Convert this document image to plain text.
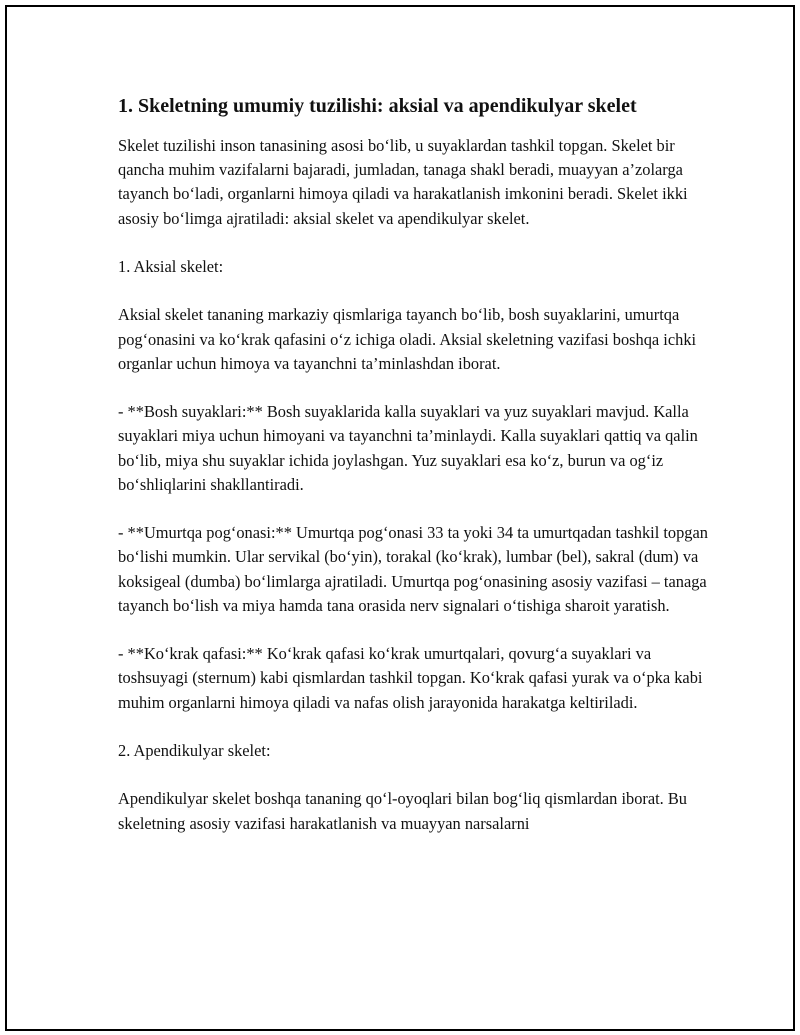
1. Skeletning umumiy tuzilishi: aksial va apendikulyar skelet

Skelet tuzilishi inson tanasining asosi bo‘lib, u suyaklardan tashkil topgan. Skelet bir qancha muhim vazifalarni bajaradi, jumladan, tanaga shakl beradi, muayyan a’zolarga tayanch bo‘ladi, organlarni himoya qiladi va harakatlanish imkonini beradi. Skelet ikki asosiy bo‘limga ajratiladi: aksial skelet va apendikulyar skelet.

1. Aksial skelet:

Aksial skelet tananing markaziy qismlariga tayanch bo‘lib, bosh suyaklarini, umurtqa pog‘onasini va ko‘krak qafasini o‘z ichiga oladi. Aksial skeletning vazifasi boshqa ichki organlar uchun himoya va tayanchni ta’minlashdan iborat.

- **Bosh suyaklari:** Bosh suyaklarida kalla suyaklari va yuz suyaklari mavjud. Kalla suyaklari miya uchun himoyani va tayanchni ta’minlaydi. Kalla suyaklari qattiq va qalin bo‘lib, miya shu suyaklar ichida joylashgan. Yuz suyaklari esa ko‘z, burun va og‘iz bo‘shliqlarini shakllantiradi.

- **Umurtqa pog‘onasi:** Umurtqa pog‘onasi 33 ta yoki 34 ta umurtqadan tashkil topgan bo‘lishi mumkin. Ular servikal (bo‘yin), torakal (ko‘krak), lumbar (bel), sakral (dum) va koksigeal (dumba) bo‘limlarga ajratiladi. Umurtqa pog‘onasining asosiy vazifasi – tanaga tayanch bo‘lish va miya hamda tana orasida nerv signalari o‘tishiga sharoit yaratish.

- **Ko‘krak qafasi:** Ko‘krak qafasi ko‘krak umurtqalari, qovurg‘a suyaklari va toshsuyagi (sternum) kabi qismlardan tashkil topgan. Ko‘krak qafasi yurak va o‘pka kabi muhim organlarni himoya qiladi va nafas olish jarayonida harakatga keltiriladi.

2. Apendikulyar skelet:

Apendikulyar skelet boshqa tananing qo‘l-oyoqlari bilan bog‘liq qismlardan iborat. Bu skeletning asosiy vazifasi harakatlanish va muayyan narsalarni
